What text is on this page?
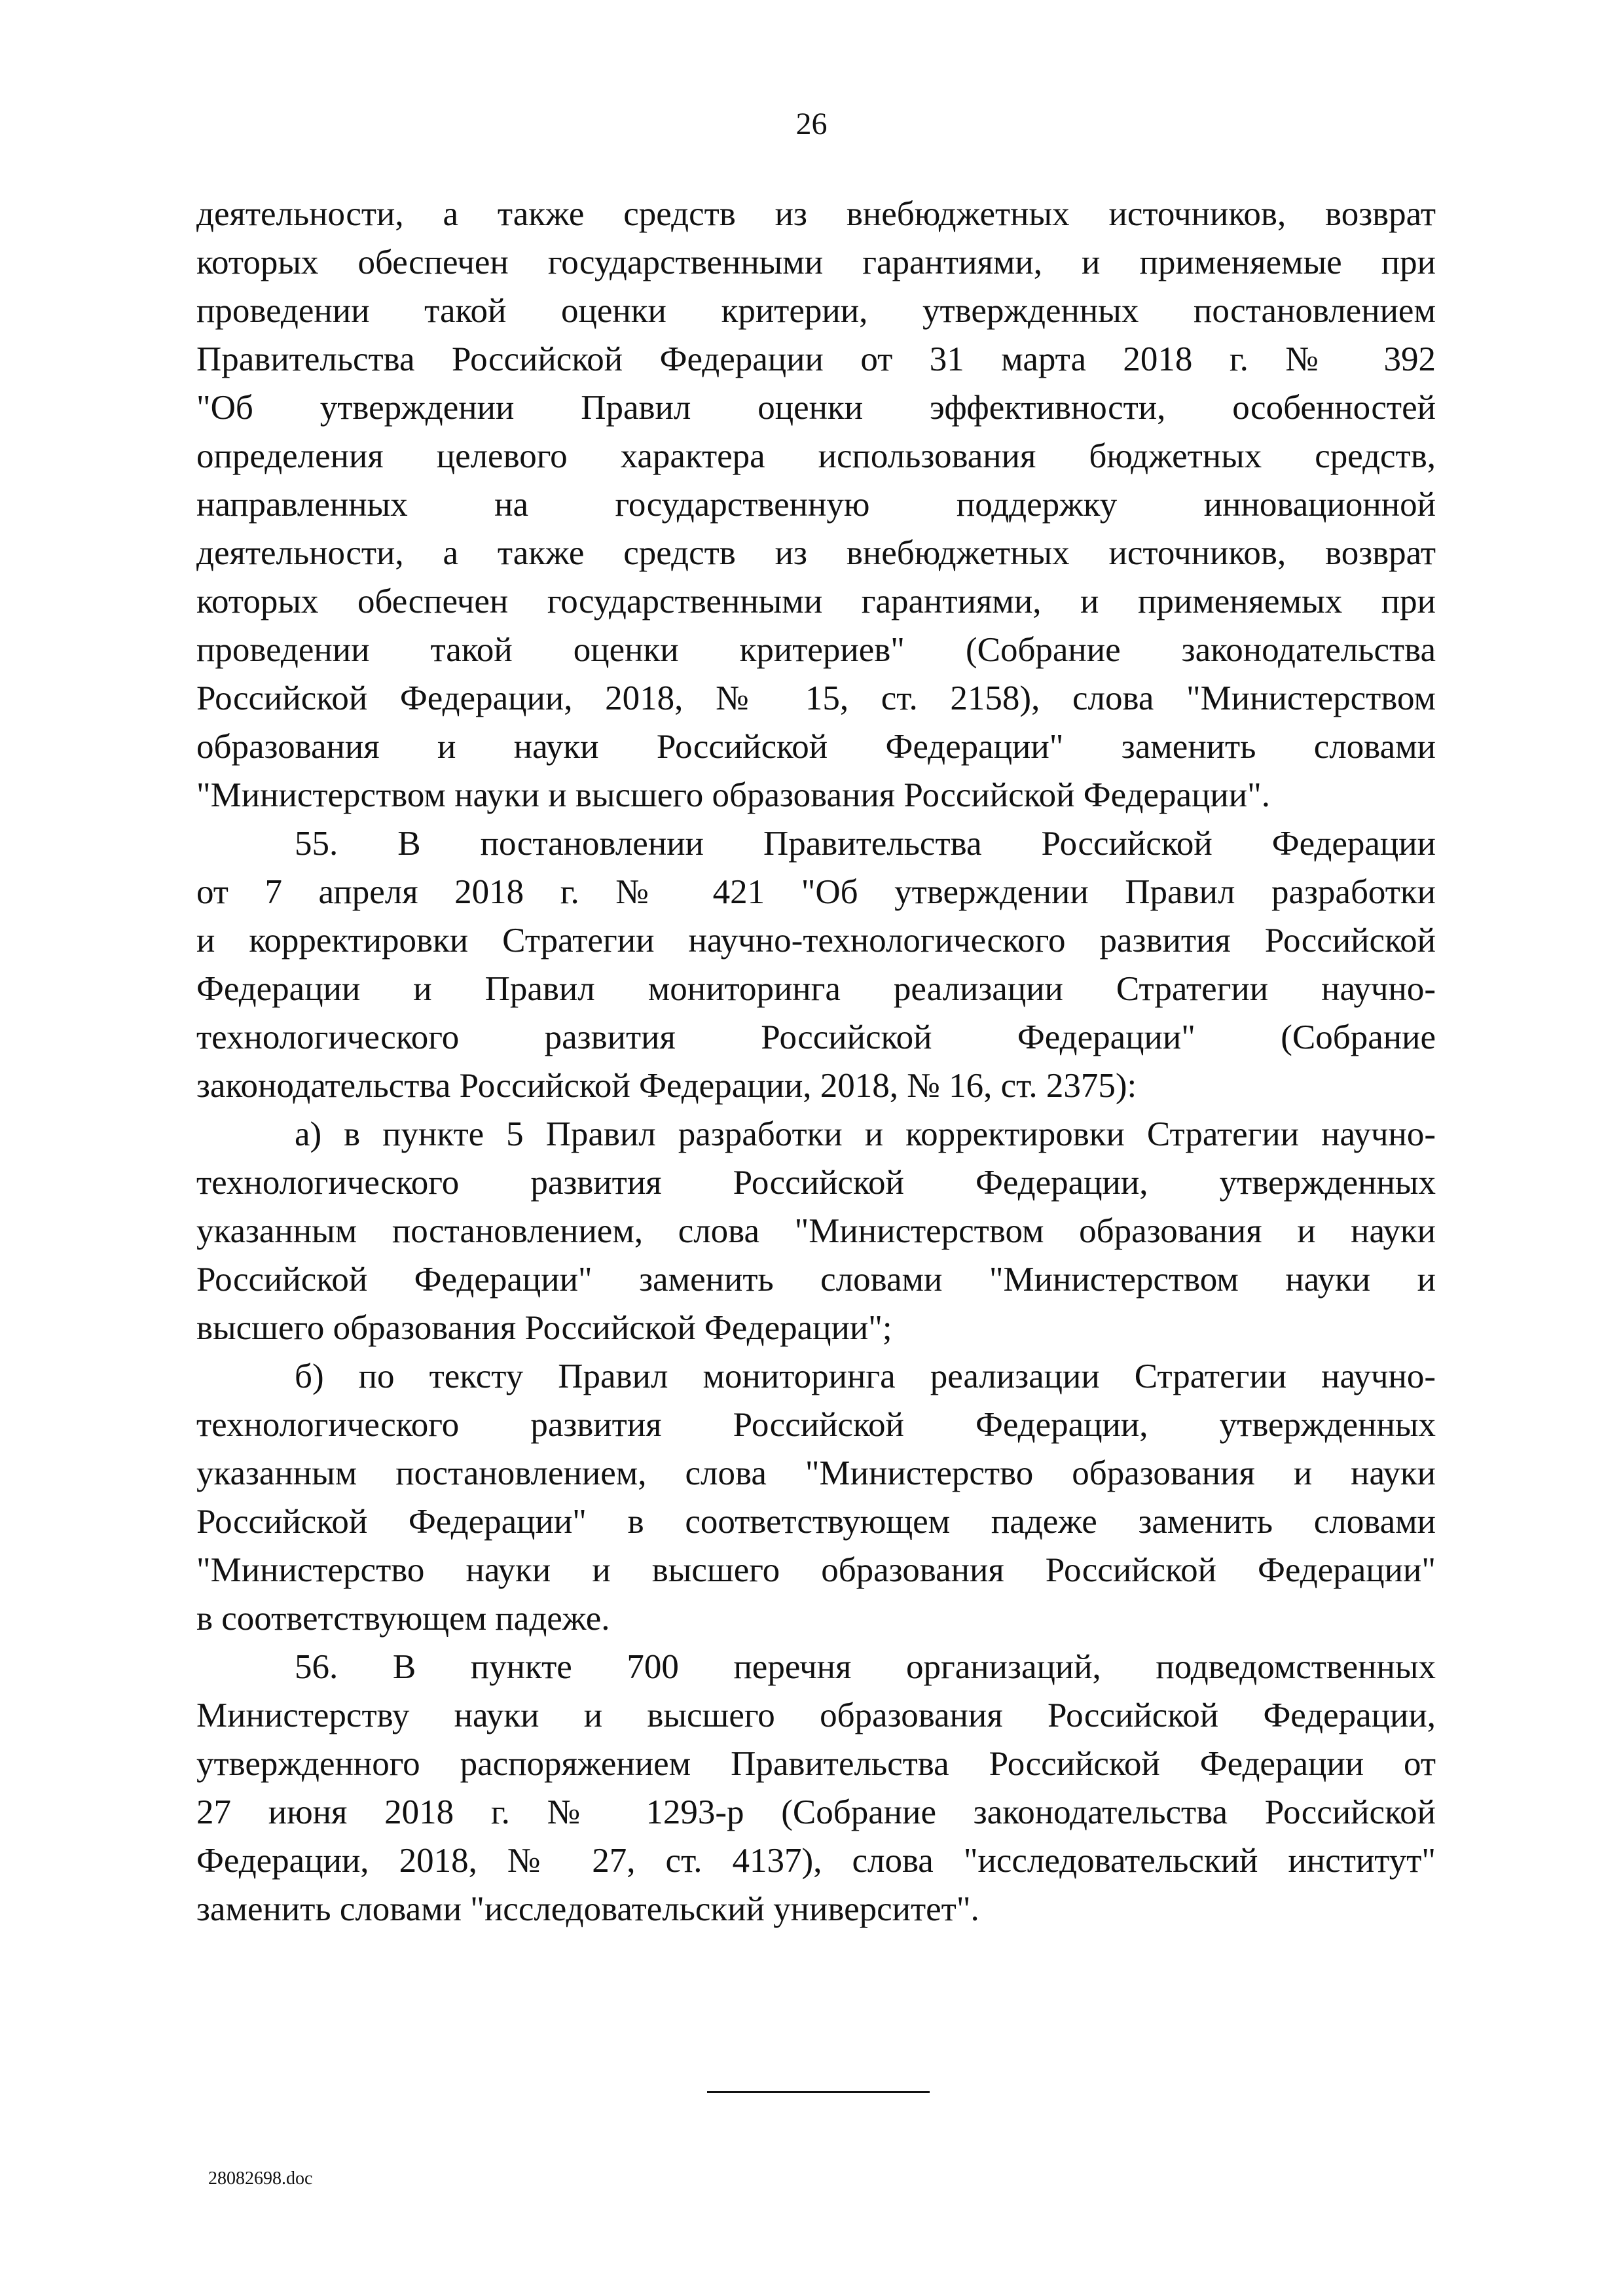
26
деятельности, а также средств из внебюджетных источников, возврат
которых обеспечен государственными гарантиями, и применяемые при
проведении такой оценки критерии, утвержденных постановлением
Правительства Российской Федерации от 31 марта 2018 г. № 392
"Об утверждении Правил оценки эффективности, особенностей
определения целевого характера использования бюджетных средств,
направленных на государственную поддержку инновационной
деятельности, а также средств из внебюджетных источников, возврат
которых обеспечен государственными гарантиями, и применяемых при
проведении такой оценки критериев" (Собрание законодательства
Российской Федерации, 2018, № 15, ст. 2158), слова "Министерством
образования и науки Российской Федерации" заменить словами
"Министерством науки и высшего образования Российской Федерации".
55. В постановлении Правительства Российской Федерации
от 7 апреля 2018 г. № 421 "Об утверждении Правил разработки
и корректировки Стратегии научно-технологического развития Российской
Федерации и Правил мониторинга реализации Стратегии научно-
технологического развития Российской Федерации" (Собрание
законодательства Российской Федерации, 2018, № 16, ст. 2375):
а) в пункте 5 Правил разработки и корректировки Стратегии научно-
технологического развития Российской Федерации, утвержденных
указанным постановлением, слова "Министерством образования и науки
Российской Федерации" заменить словами "Министерством науки и
высшего образования Российской Федерации";
б) по тексту Правил мониторинга реализации Стратегии научно-
технологического развития Российской Федерации, утвержденных
указанным постановлением, слова "Министерство образования и науки
Российской Федерации" в соответствующем падеже заменить словами
"Министерство науки и высшего образования Российской Федерации"
в соответствующем падеже.
56. В пункте 700 перечня организаций, подведомственных
Министерству науки и высшего образования Российской Федерации,
утвержденного распоряжением Правительства Российской Федерации от
27 июня 2018 г. № 1293-р (Собрание законодательства Российской
Федерации, 2018, № 27, ст. 4137), слова "исследовательский институт"
заменить словами "исследовательский университет".
28082698.doc
